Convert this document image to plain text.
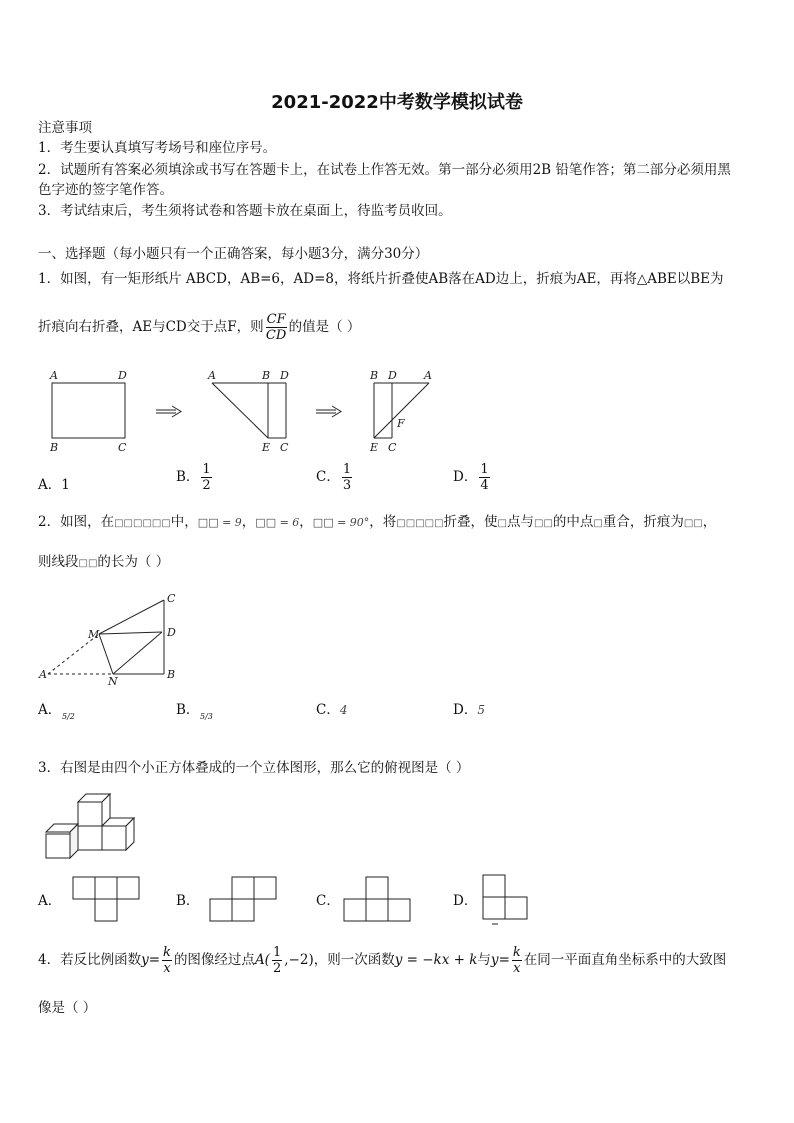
2021-2022中考数学模拟试卷
注意事项
1．考生要认真填写考场号和座位序号。
2．试题所有答案必须填涂或书写在答题卡上，在试卷上作答无效。第一部分必须用2B 铅笔作答；第二部分必须用黑
色字迹的签字笔作答。
3．考试结束后，考生须将试卷和答题卡放在桌面上，待监考员收回。
一、选择题（每小题只有一个正确答案，每小题3分，满分30分）
1．如图，有一矩形纸片 ABCD，AB=6，AD=8，将纸片折叠使AB落在AD边上，折痕为AE，再将△ABE以BE为
折痕向右折叠，AE与CD交于点F，则 $\frac{CF}{CD}$ 的值是（ ）
A	D
B	C
A	B D
E C
B D A
F
E C
A．1	B． $\frac{1}{2}$	C． $\frac{1}{3}$	D． $\frac{1}{4}$
2．如图，在□□□□□□中，□□ = 9，□□ = 6，□□ = 90°，将□□□□□折叠，使□点与□□的中点□重合，折痕为□□，
则线段□□的长为（ ）
C
D
B
M
N
A
A． 5/2	B． 5/3	C．4	D．5
3．右图是由四个小正方体叠成的一个立体图形，那么它的俯视图是（ ）
A．	B．	C．	D．
4．若反比例函数$y= \frac{k}{x}$ 的图像经过点$A( \frac{1}{2} ,-2)$，则一次函数y = −kx + k与$y= \frac{k}{x}$ 在同一平面直角坐标系中的大致图
像是（ ）
